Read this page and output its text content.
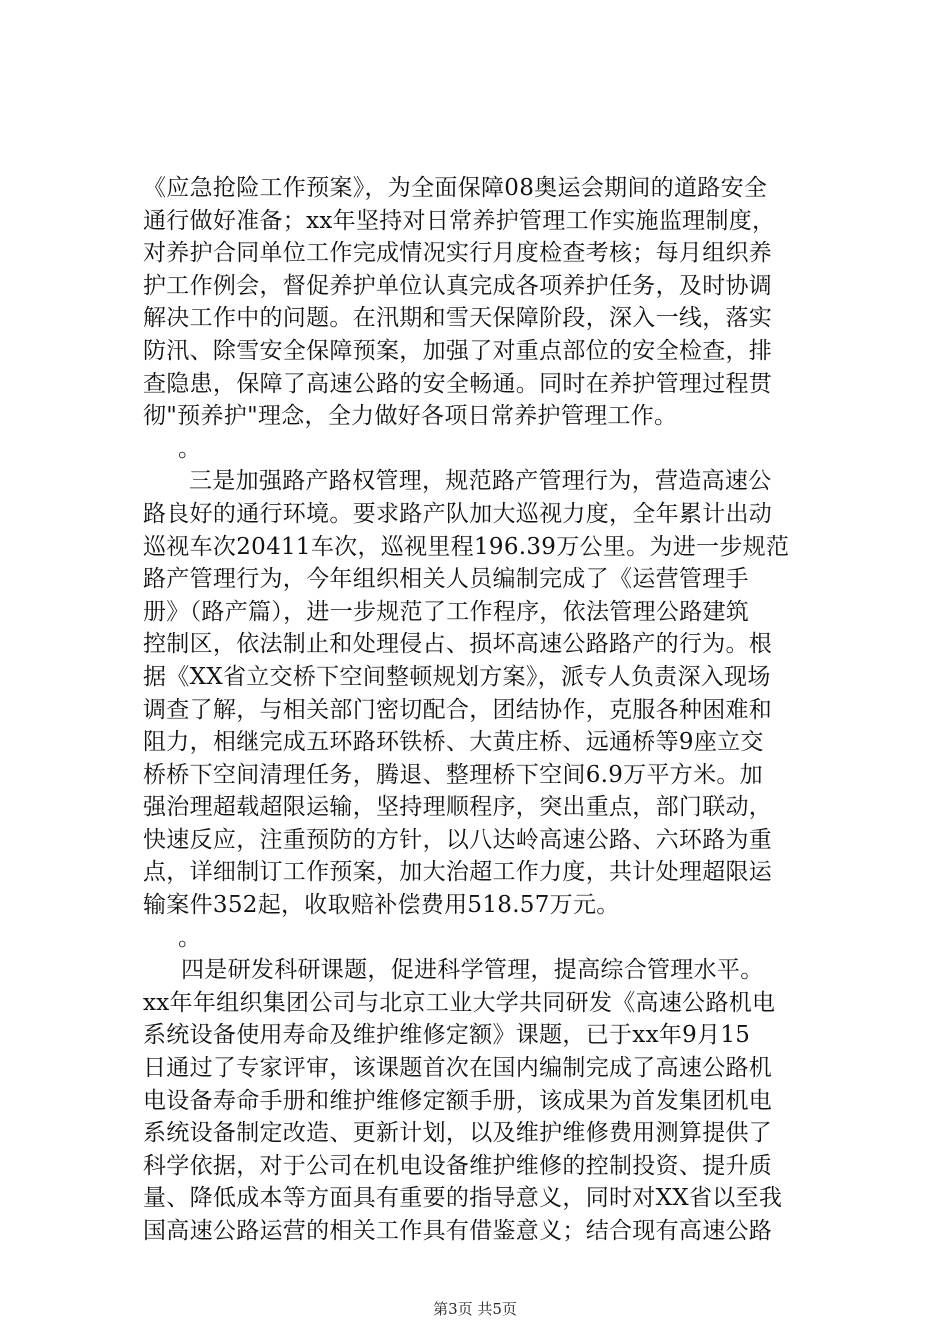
《应急抢险工作预案》，为全面保障08奥运会期间的道路安全
通行做好准备；xx年坚持对日常养护管理工作实施监理制度，
对养护合同单位工作完成情况实行月度检查考核；每月组织养
护工作例会，督促养护单位认真完成各项养护任务，及时协调
解决工作中的问题。在汛期和雪天保障阶段，深入一线，落实
防汛、除雪安全保障预案，加强了对重点部位的安全检查，排
查隐患，保障了高速公路的安全畅通。同时在养护管理过程贯
彻"预养护"理念，全力做好各项日常养护管理工作。
。
三是加强路产路权管理，规范路产管理行为，营造高速公
路良好的通行环境。要求路产队加大巡视力度，全年累计出动
巡视车次20411车次，巡视里程196.39万公里。为进一步规范
路产管理行为，今年组织相关人员编制完成了《运营管理手
册》（路产篇），进一步规范了工作程序，依法管理公路建筑
控制区，依法制止和处理侵占、损坏高速公路路产的行为。根
据《XX省立交桥下空间整顿规划方案》，派专人负责深入现场
调查了解，与相关部门密切配合，团结协作，克服各种困难和
阻力，相继完成五环路环铁桥、大黄庄桥、远通桥等9座立交
桥桥下空间清理任务，腾退、整理桥下空间6.9万平方米。加
强治理超载超限运输，坚持理顺程序，突出重点，部门联动，
快速反应，注重预防的方针，以八达岭高速公路、六环路为重
点，详细制订工作预案，加大治超工作力度，共计处理超限运
输案件352起，收取赔补偿费用518.57万元。
。
四是研发科研课题，促进科学管理，提高综合管理水平。
xx年年组织集团公司与北京工业大学共同研发《高速公路机电
系统设备使用寿命及维护维修定额》课题，已于xx年9月15
日通过了专家评审，该课题首次在国内编制完成了高速公路机
电设备寿命手册和维护维修定额手册，该成果为首发集团机电
系统设备制定改造、更新计划，以及维护维修费用测算提供了
科学依据，对于公司在机电设备维护维修的控制投资、提升质
量、降低成本等方面具有重要的指导意义，同时对XX省以至我
国高速公路运营的相关工作具有借鉴意义；结合现有高速公路
第3页 共5页
